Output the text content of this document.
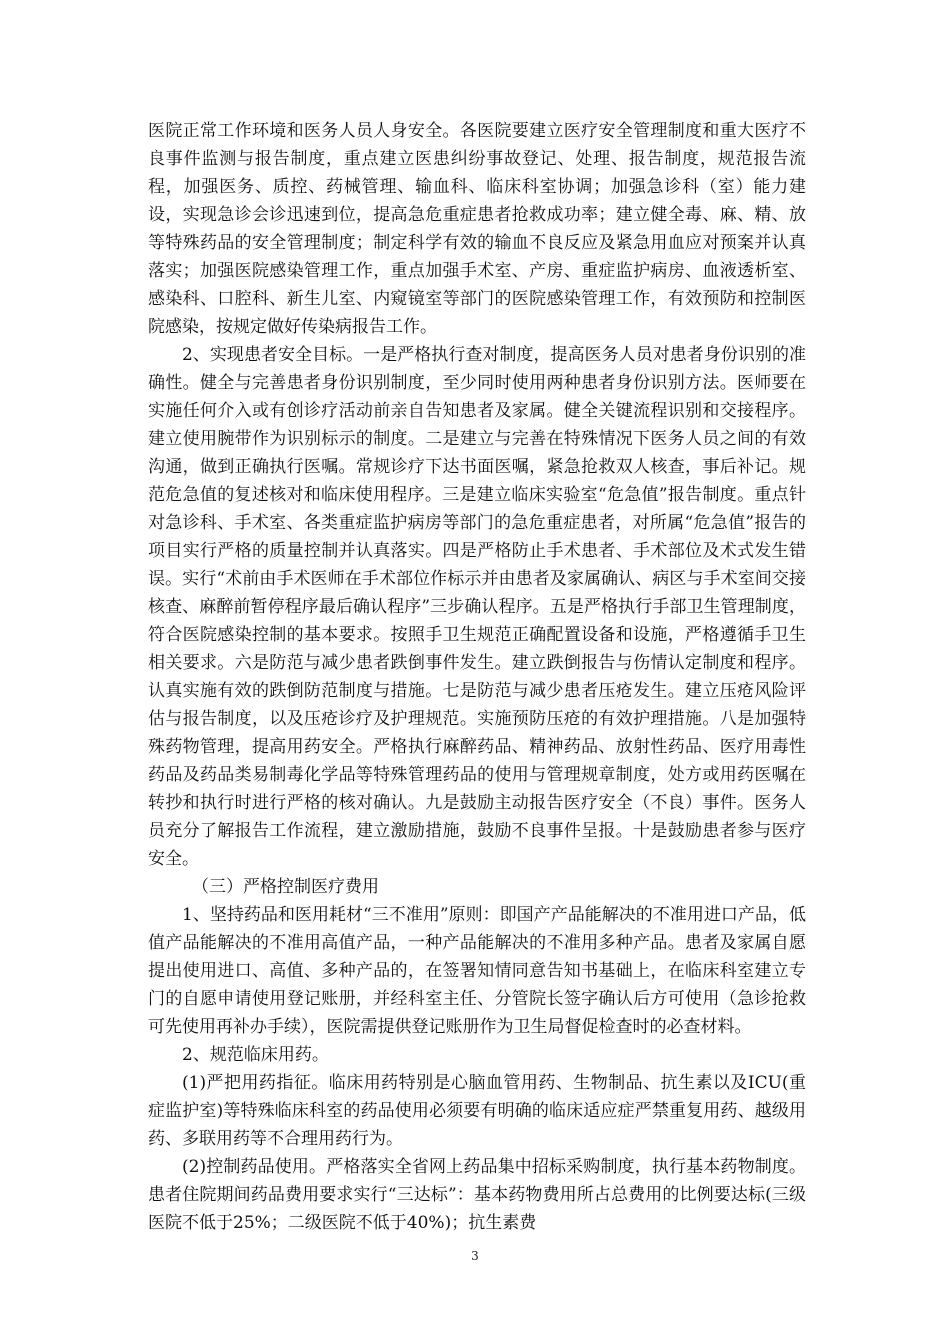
医院正常工作环境和医务人员人身安全。各医院要建立医疗安全管理制度和重大医疗不良事件监测与报告制度，重点建立医患纠纷事故登记、处理、报告制度，规范报告流程，加强医务、质控、药械管理、输血科、临床科室协调；加强急诊科（室）能力建设，实现急诊会诊迅速到位，提高急危重症患者抢救成功率；建立健全毒、麻、精、放等特殊药品的安全管理制度；制定科学有效的输血不良反应及紧急用血应对预案并认真落实；加强医院感染管理工作，重点加强手术室、产房、重症监护病房、血液透析室、感染科、口腔科、新生儿室、内窥镜室等部门的医院感染管理工作，有效预防和控制医院感染，按规定做好传染病报告工作。

2、实现患者安全目标。一是严格执行查对制度，提高医务人员对患者身份识别的准确性。健全与完善患者身份识别制度，至少同时使用两种患者身份识别方法。医师要在实施任何介入或有创诊疗活动前亲自告知患者及家属。健全关键流程识别和交接程序。建立使用腕带作为识别标示的制度。二是建立与完善在特殊情况下医务人员之间的有效沟通，做到正确执行医嘱。常规诊疗下达书面医嘱，紧急抢救双人核查，事后补记。规范危急值的复述核对和临床使用程序。三是建立临床实验室“危急值”报告制度。重点针对急诊科、手术室、各类重症监护病房等部门的急危重症患者，对所属“危急值”报告的项目实行严格的质量控制并认真落实。四是严格防止手术患者、手术部位及术式发生错误。实行“术前由手术医师在手术部位作标示并由患者及家属确认、病区与手术室间交接核查、麻醉前暂停程序最后确认程序”三步确认程序。五是严格执行手部卫生管理制度，符合医院感染控制的基本要求。按照手卫生规范正确配置设备和设施，严格遵循手卫生相关要求。六是防范与减少患者跌倒事件发生。建立跌倒报告与伤情认定制度和程序。认真实施有效的跌倒防范制度与措施。七是防范与减少患者压疮发生。建立压疮风险评估与报告制度，以及压疮诊疗及护理规范。实施预防压疮的有效护理措施。八是加强特殊药物管理，提高用药安全。严格执行麻醉药品、精神药品、放射性药品、医疗用毒性药品及药品类易制毒化学品等特殊管理药品的使用与管理规章制度，处方或用药医嘱在转抄和执行时进行严格的核对确认。九是鼓励主动报告医疗安全（不良）事件。医务人员充分了解报告工作流程，建立激励措施，鼓励不良事件呈报。十是鼓励患者参与医疗安全。

（三）严格控制医疗费用

1、坚持药品和医用耗材“三不准用”原则：即国产产品能解决的不准用进口产品，低值产品能解决的不准用高值产品，一种产品能解决的不准用多种产品。患者及家属自愿提出使用进口、高值、多种产品的，在签署知情同意告知书基础上，在临床科室建立专门的自愿申请使用登记账册，并经科室主任、分管院长签字确认后方可使用（急诊抢救可先使用再补办手续），医院需提供登记账册作为卫生局督促检查时的必查材料。

2、规范临床用药。

(1)严把用药指征。临床用药特别是心脑血管用药、生物制品、抗生素以及ICU(重症监护室)等特殊临床科室的药品使用必须要有明确的临床适应症严禁重复用药、越级用药、多联用药等不合理用药行为。

(2)控制药品使用。严格落实全省网上药品集中招标采购制度，执行基本药物制度。患者住院期间药品费用要求实行“三达标”：基本药物费用所占总费用的比例要达标(三级医院不低于25%；二级医院不低于40%)；抗生素费

3
